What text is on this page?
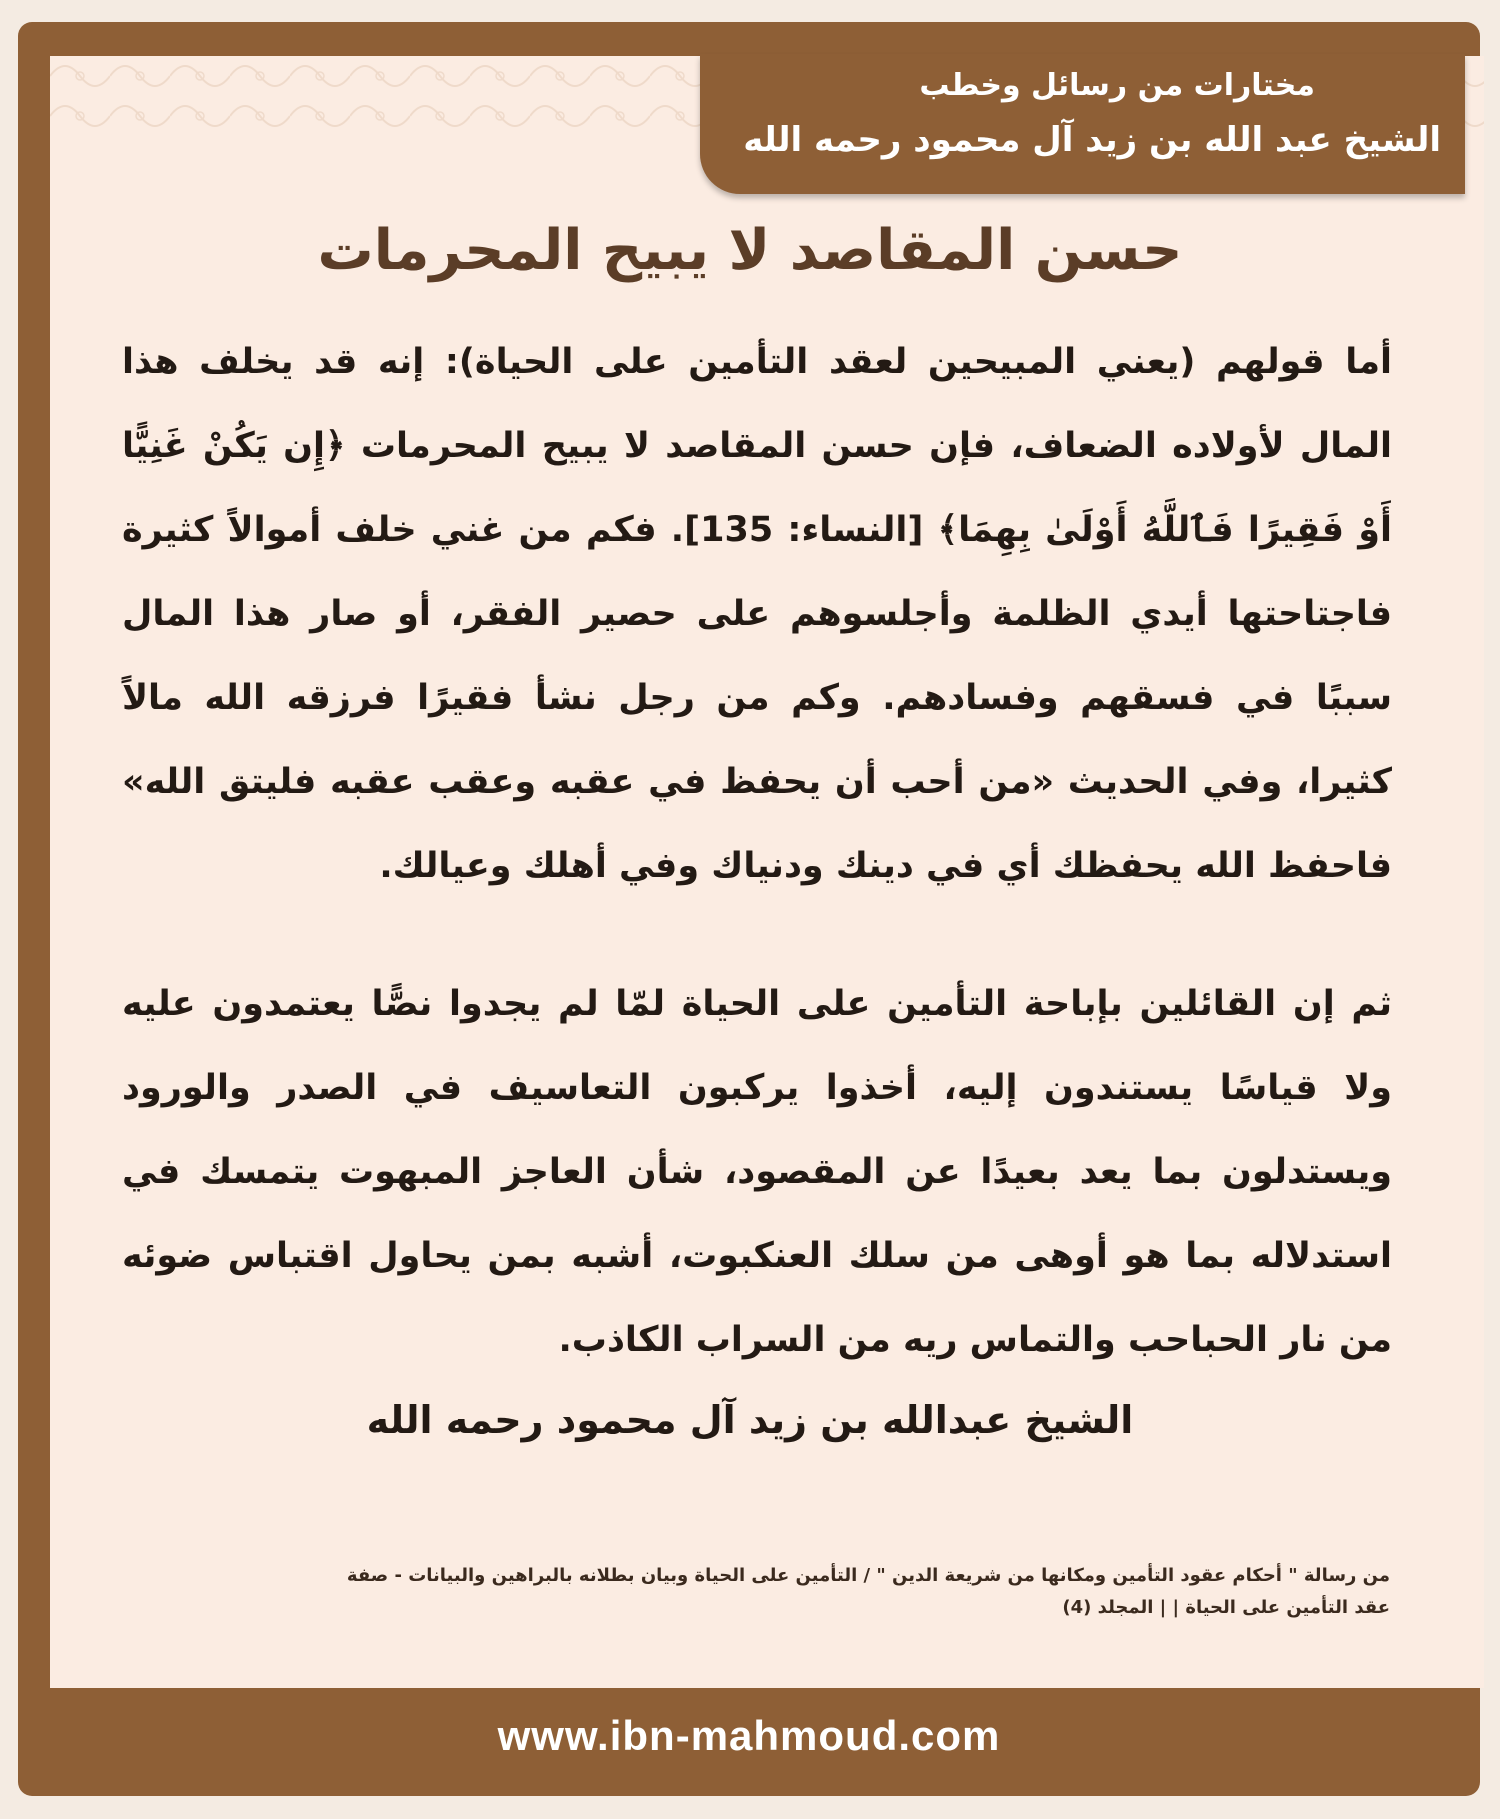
مختارات من رسائل وخطب
الشيخ عبد الله بن زيد آل محمود رحمه الله
حسن المقاصد لا يبيح المحرمات

أما قولهم (يعني المبيحين لعقد التأمين على الحياة): إنه قد يخلف هذا المال لأولاده الضعاف، فإن حسن المقاصد لا يبيح المحرمات ﴿إِن يَكُنْ غَنِيًّا أَوْ فَقِيرًا فَٱللَّهُ أَوْلَىٰ بِهِمَا﴾ [النساء: 135]. فكم من غني خلف أموالاً كثيرة فاجتاحتها أيدي الظلمة وأجلسوهم على حصير الفقر، أو صار هذا المال سببًا في فسقهم وفسادهم. وكم من رجل نشأ فقيرًا فرزقه الله مالاً كثيرا، وفي الحديث «من أحب أن يحفظ في عقبه وعقب عقبه فليتق الله» فاحفظ الله يحفظك أي في دينك ودنياك وفي أهلك وعيالك.

ثم إن القائلين بإباحة التأمين على الحياة لمّا لم يجدوا نصًّا يعتمدون عليه ولا قياسًا يستندون إليه، أخذوا يركبون التعاسيف في الصدر والورود ويستدلون بما يعد بعيدًا عن المقصود، شأن العاجز المبهوت يتمسك في استدلاله بما هو أوهى من سلك العنكبوت، أشبه بمن يحاول اقتباس ضوئه من نار الحباحب والتماس ريه من السراب الكاذب.

الشيخ عبدالله بن زيد آل محمود رحمه الله
من رسالة " أحكام عقود التأمين ومكانها من شريعة الدين " / التأمين على الحياة وبيان بطلانه بالبراهين والبيانات - صفة
عقد التأمين على الحياة | | المجلد (4)
www.ibn-mahmoud.com
